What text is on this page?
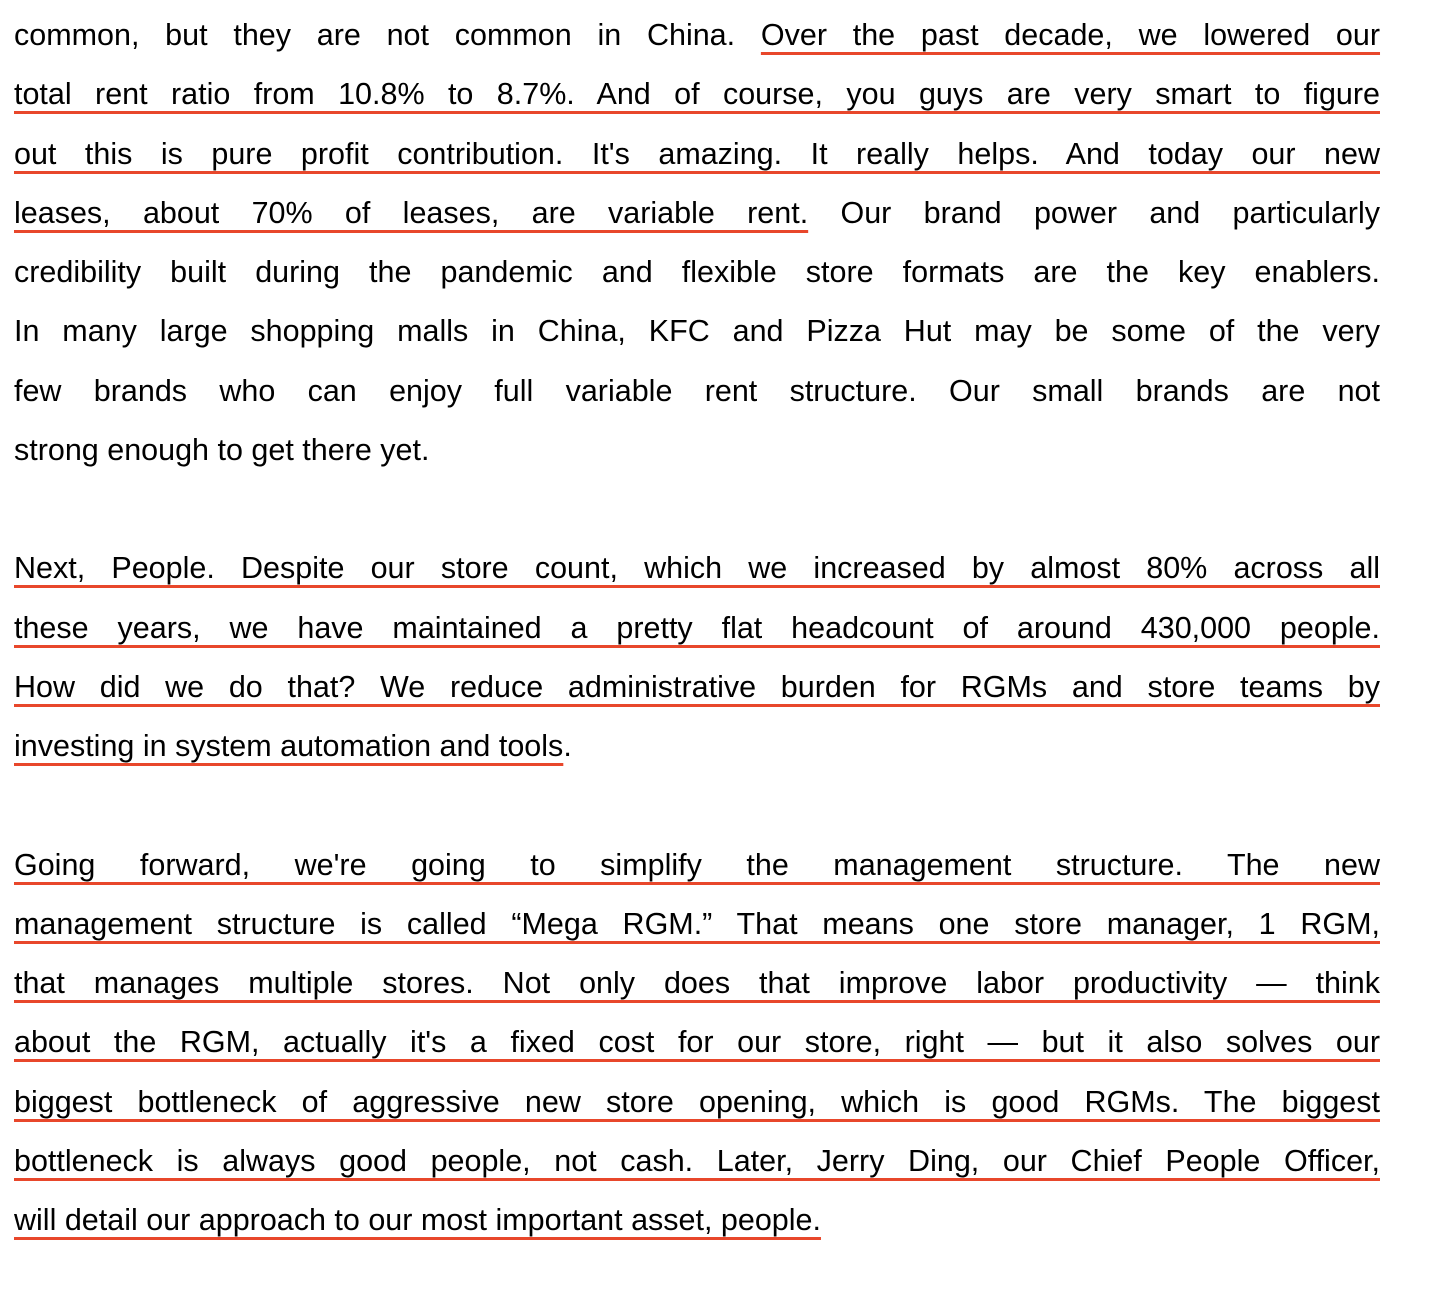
common, but they are not common in China. Over the past decade, we lowered our
total rent ratio from 10.8% to 8.7%. And of course, you guys are very smart to figure
out this is pure profit contribution. It's amazing. It really helps. And today our new
leases, about 70% of leases, are variable rent. Our brand power and particularly
credibility built during the pandemic and flexible store formats are the key enablers.
In many large shopping malls in China, KFC and Pizza Hut may be some of the very
few brands who can enjoy full variable rent structure. Our small brands are not
strong enough to get there yet.
Next, People. Despite our store count, which we increased by almost 80% across all
these years, we have maintained a pretty flat headcount of around 430,000 people.
How did we do that? We reduce administrative burden for RGMs and store teams by
investing in system automation and tools.
Going forward, we're going to simplify the management structure. The new
management structure is called “Mega RGM.” That means one store manager, 1 RGM,
that manages multiple stores. Not only does that improve labor productivity — think
about the RGM, actually it's a fixed cost for our store, right — but it also solves our
biggest bottleneck of aggressive new store opening, which is good RGMs. The biggest
bottleneck is always good people, not cash. Later, Jerry Ding, our Chief People Officer,
will detail our approach to our most important asset, people.
